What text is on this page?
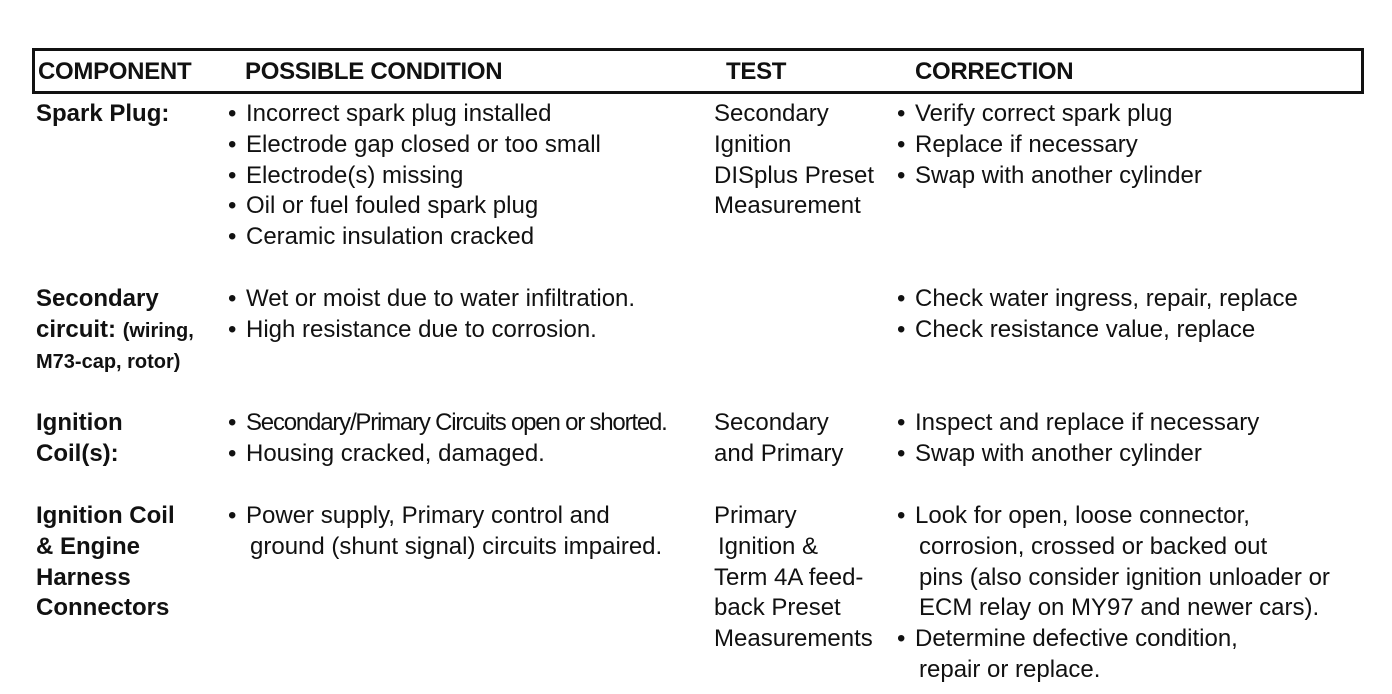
COMPONENT POSSIBLE CONDITION	TEST	CORRECTION
Spark Plug:
•	Incorrect spark plug installed
• Electrode gap closed or too small
• Electrode(s) missing
• Oil or fuel fouled spark plug
• Ceramic insulation cracked
Secondary
Ignition
DISplus Preset
Measurement
• Verify correct spark plug
• Replace if necessary
• Swap with another cylinder
Secondary
circuit: (wiring,
M73-cap, rotor)
• Wet or moist due to water infiltration.
• High resistance due to corrosion.
• Check water ingress, repair, replace
• Check resistance value, replace
Ignition
Coil(s):
• Secondary/Primary Circuits open or shorted.
• Housing cracked, damaged.
Secondary
and Primary
• Inspect and replace if necessary
• Swap with another cylinder
Ignition Coil
& Engine
Harness
Connectors
• Power supply, Primary control and
ground (shunt signal) circuits impaired.
Primary
Ignition &
Term 4A feed-
back Preset
Measurements
• Look for open, loose connector,
corrosion, crossed or backed out
pins (also consider ignition unloader or
ECM relay on MY97 and newer cars).
• Determine defective condition,
repair or replace.
